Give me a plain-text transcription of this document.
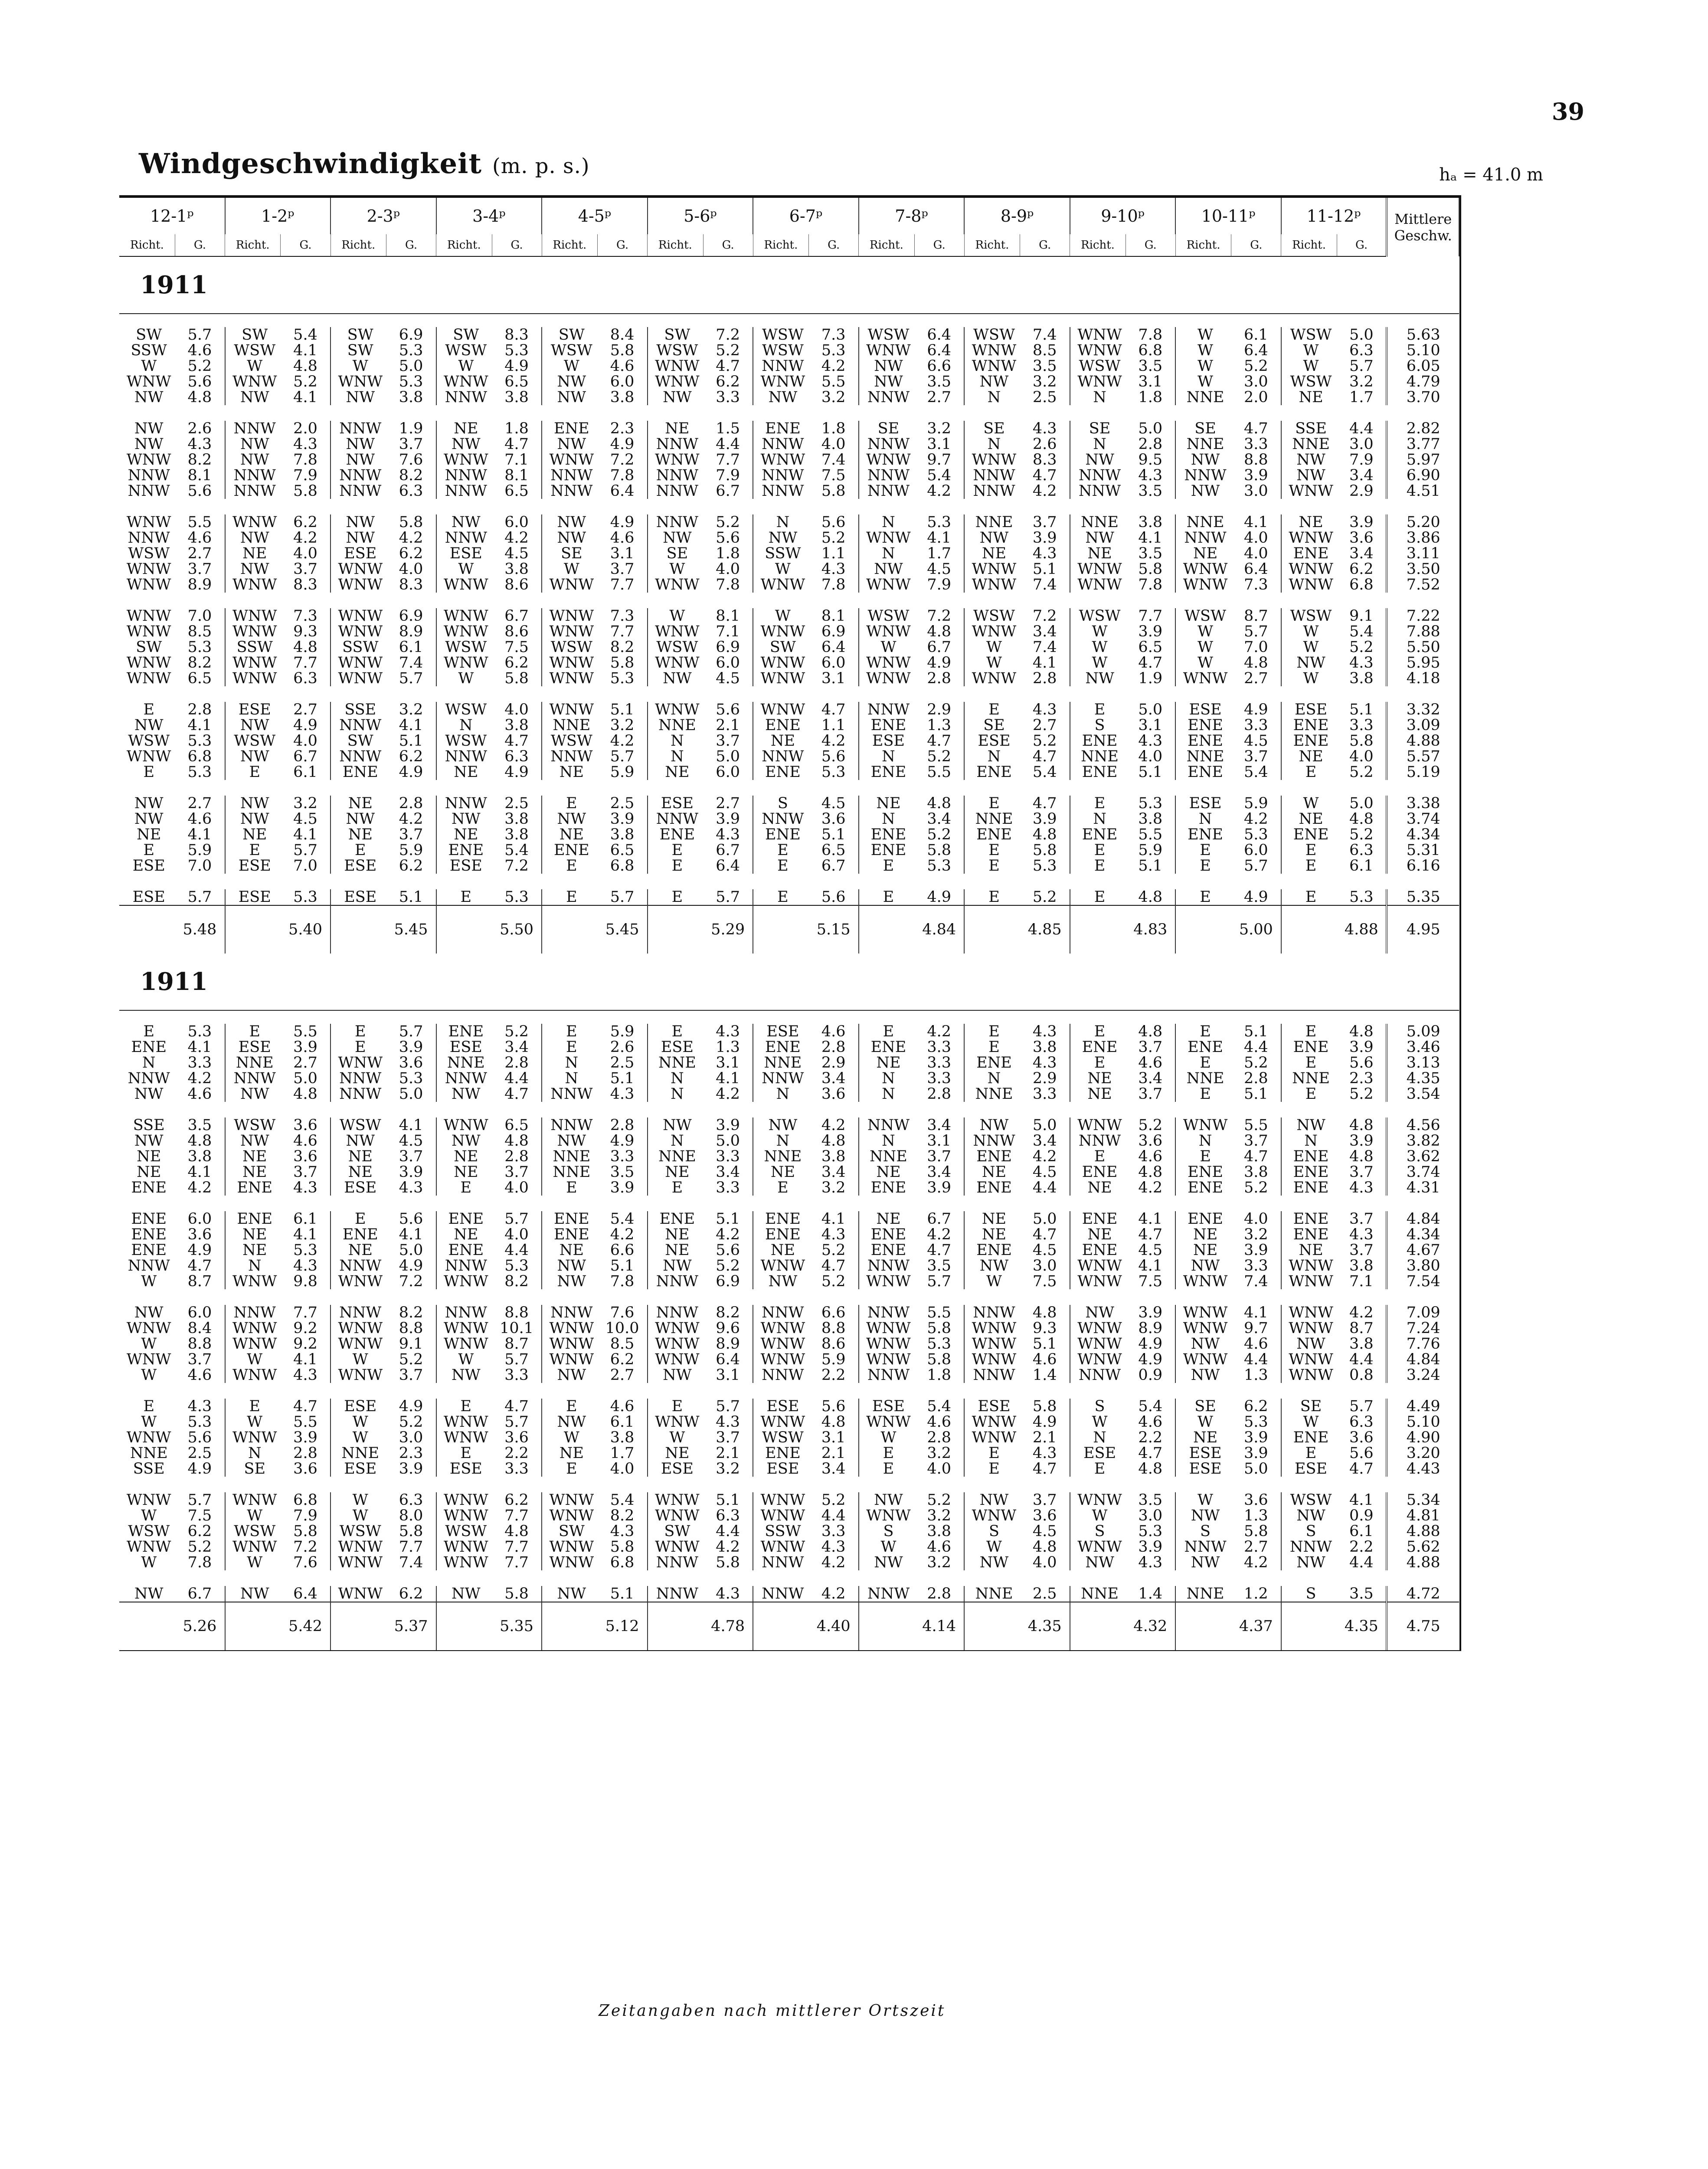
39
Windgeschwindigkeit (m. p. s.)	hₐ = 41.0 m
12-1ᵖ		1-2ᵖ		2-3ᵖ		3-4ᵖ		4-5ᵖ		5-6ᵖ		6-7ᵖ		7-8ᵖ		8-9ᵖ		9-10ᵖ		10-11ᵖ		11-12ᵖ		Mittlere Geschw.
Richt.	G.	Richt.	G.	Richt.	G.	Richt.	G.	Richt.	G.	Richt.	G.	Richt.	G.	Richt.	G.	Richt.	G.	Richt.	G.	Richt.	G.	Richt.	G.	
1911																								

SW	5.7	SW	5.4	SW	6.9	SW	8.3	SW	8.4	SW	7.2	WSW	7.3	WSW	6.4	WSW	7.4	WNW	7.8	W	6.1	WSW	5.0	5.63
SSW	4.6	WSW	4.1	SW	5.3	WSW	5.3	WSW	5.8	WSW	5.2	WSW	5.3	WNW	6.4	WNW	8.5	WNW	6.8	W	6.4	W	6.3	5.10
W	5.2	W	4.8	W	5.0	W	4.9	W	4.6	WNW	4.7	NNW	4.2	NW	6.6	WNW	3.5	WSW	3.5	W	5.2	W	5.7	6.05
WNW	5.6	WNW	5.2	WNW	5.3	WNW	6.5	NW	6.0	WNW	6.2	WNW	5.5	NW	3.5	NW	3.2	WNW	3.1	W	3.0	WSW	3.2	4.79
NW	4.8	NW	4.1	NW	3.8	NNW	3.8	NW	3.8	NW	3.3	NW	3.2	NNW	2.7	N	2.5	N	1.8	NNE	2.0	NE	1.7	3.70

NW	2.6	NNW	2.0	NNW	1.9	NE	1.8	ENE	2.3	NE	1.5	ENE	1.8	SE	3.2	SE	4.3	SE	5.0	SE	4.7	SSE	4.4	2.82
NW	4.3	NW	4.3	NW	3.7	NW	4.7	NW	4.9	NNW	4.4	NNW	4.0	NNW	3.1	N	2.6	N	2.8	NNE	3.3	NNE	3.0	3.77
WNW	8.2	NW	7.8	NW	7.6	WNW	7.1	WNW	7.2	WNW	7.7	WNW	7.4	WNW	9.7	WNW	8.3	NW	9.5	NW	8.8	NW	7.9	5.97
NNW	8.1	NNW	7.9	NNW	8.2	NNW	8.1	NNW	7.8	NNW	7.9	NNW	7.5	NNW	5.4	NNW	4.7	NNW	4.3	NNW	3.9	NW	3.4	6.90
NNW	5.6	NNW	5.8	NNW	6.3	NNW	6.5	NNW	6.4	NNW	6.7	NNW	5.8	NNW	4.2	NNW	4.2	NNW	3.5	NW	3.0	WNW	2.9	4.51

WNW	5.5	WNW	6.2	NW	5.8	NW	6.0	NW	4.9	NNW	5.2	N	5.6	N	5.3	NNE	3.7	NNE	3.8	NNE	4.1	NE	3.9	5.20
NNW	4.6	NW	4.2	NW	4.2	NNW	4.2	NW	4.6	NW	5.6	NW	5.2	WNW	4.1	NW	3.9	NW	4.1	NNW	4.0	WNW	3.6	3.86
WSW	2.7	NE	4.0	ESE	6.2	ESE	4.5	SE	3.1	SE	1.8	SSW	1.1	N	1.7	NE	4.3	NE	3.5	NE	4.0	ENE	3.4	3.11
WNW	3.7	NW	3.7	WNW	4.0	W	3.8	W	3.7	W	4.0	W	4.3	NW	4.5	WNW	5.1	WNW	5.8	WNW	6.4	WNW	6.2	3.50
WNW	8.9	WNW	8.3	WNW	8.3	WNW	8.6	WNW	7.7	WNW	7.8	WNW	7.8	WNW	7.9	WNW	7.4	WNW	7.8	WNW	7.3	WNW	6.8	7.52

WNW	7.0	WNW	7.3	WNW	6.9	WNW	6.7	WNW	7.3	W	8.1	W	8.1	WSW	7.2	WSW	7.2	WSW	7.7	WSW	8.7	WSW	9.1	7.22
WNW	8.5	WNW	9.3	WNW	8.9	WNW	8.6	WNW	7.7	WNW	7.1	WNW	6.9	WNW	4.8	WNW	3.4	W	3.9	W	5.7	W	5.4	7.88
SW	5.3	SSW	4.8	SSW	6.1	WSW	7.5	WSW	8.2	WSW	6.9	SW	6.4	W	6.7	W	7.4	W	6.5	W	7.0	W	5.2	5.50
WNW	8.2	WNW	7.7	WNW	7.4	WNW	6.2	WNW	5.8	WNW	6.0	WNW	6.0	WNW	4.9	W	4.1	W	4.7	W	4.8	NW	4.3	5.95
WNW	6.5	WNW	6.3	WNW	5.7	W	5.8	WNW	5.3	NW	4.5	WNW	3.1	WNW	2.8	WNW	2.8	NW	1.9	WNW	2.7	W	3.8	4.18

E	2.8	ESE	2.7	SSE	3.2	WSW	4.0	WNW	5.1	WNW	5.6	WNW	4.7	NNW	2.9	E	4.3	E	5.0	ESE	4.9	ESE	5.1	3.32
NW	4.1	NW	4.9	NNW	4.1	N	3.8	NNE	3.2	NNE	2.1	ENE	1.1	ENE	1.3	SE	2.7	S	3.1	ENE	3.3	ENE	3.3	3.09
WSW	5.3	WSW	4.0	SW	5.1	WSW	4.7	WSW	4.2	N	3.7	NE	4.2	ESE	4.7	ESE	5.2	ENE	4.3	ENE	4.5	ENE	5.8	4.88
WNW	6.8	NW	6.7	NNW	6.2	NNW	6.3	NNW	5.7	N	5.0	NNW	5.6	N	5.2	N	4.7	NNE	4.0	NNE	3.7	NE	4.0	5.57
E	5.3	E	6.1	ENE	4.9	NE	4.9	NE	5.9	NE	6.0	ENE	5.3	ENE	5.5	ENE	5.4	ENE	5.1	ENE	5.4	E	5.2	5.19

NW	2.7	NW	3.2	NE	2.8	NNW	2.5	E	2.5	ESE	2.7	S	4.5	NE	4.8	E	4.7	E	5.3	ESE	5.9	W	5.0	3.38
NW	4.6	NW	4.5	NW	4.2	NW	3.8	NW	3.9	NNW	3.9	NNW	3.6	N	3.4	NNE	3.9	N	3.8	N	4.2	NE	4.8	3.74
NE	4.1	NE	4.1	NE	3.7	NE	3.8	NE	3.8	ENE	4.3	ENE	5.1	ENE	5.2	ENE	4.8	ENE	5.5	ENE	5.3	ENE	5.2	4.34
E	5.9	E	5.7	E	5.9	ENE	5.4	ENE	6.5	E	6.7	E	6.5	ENE	5.8	E	5.8	E	5.9	E	6.0	E	6.3	5.31
ESE	7.0	ESE	7.0	ESE	6.2	ESE	7.2	E	6.8	E	6.4	E	6.7	E	5.3	E	5.3	E	5.1	E	5.7	E	6.1	6.16

ESE	5.7	ESE	5.3	ESE	5.1	E	5.3	E	5.7	E	5.7	E	5.6	E	4.9	E	5.2	E	4.8	E	4.9	E	5.3	5.35
	5.48		5.40		5.45		5.50		5.45		5.29		5.15		4.84		4.85		4.83		5.00		4.88	4.95
1911																								

E	5.3	E	5.5	E	5.7	ENE	5.2	E	5.9	E	4.3	ESE	4.6	E	4.2	E	4.3	E	4.8	E	5.1	E	4.8	5.09
ENE	4.1	ESE	3.9	E	3.9	ESE	3.4	E	2.6	ESE	1.3	ENE	2.8	ENE	3.3	E	3.8	ENE	3.7	ENE	4.4	ENE	3.9	3.46
N	3.3	NNE	2.7	WNW	3.6	NNE	2.8	N	2.5	NNE	3.1	NNE	2.9	NE	3.3	ENE	4.3	E	4.6	E	5.2	E	5.6	3.13
NNW	4.2	NNW	5.0	NNW	5.3	NNW	4.4	N	5.1	N	4.1	NNW	3.4	N	3.3	N	2.9	NE	3.4	NNE	2.8	NNE	2.3	4.35
NW	4.6	NW	4.8	NNW	5.0	NW	4.7	NNW	4.3	N	4.2	N	3.6	N	2.8	NNE	3.3	NE	3.7	E	5.1	E	5.2	3.54

SSE	3.5	WSW	3.6	WSW	4.1	WNW	6.5	NNW	2.8	NW	3.9	NW	4.2	NNW	3.4	NW	5.0	WNW	5.2	WNW	5.5	NW	4.8	4.56
NW	4.8	NW	4.6	NW	4.5	NW	4.8	NW	4.9	N	5.0	N	4.8	N	3.1	NNW	3.4	NNW	3.6	N	3.7	N	3.9	3.82
NE	3.8	NE	3.6	NE	3.7	NE	2.8	NNE	3.3	NNE	3.3	NNE	3.8	NNE	3.7	ENE	4.2	E	4.6	E	4.7	ENE	4.8	3.62
NE	4.1	NE	3.7	NE	3.9	NE	3.7	NNE	3.5	NE	3.4	NE	3.4	NE	3.4	NE	4.5	ENE	4.8	ENE	3.8	ENE	3.7	3.74
ENE	4.2	ENE	4.3	ESE	4.3	E	4.0	E	3.9	E	3.3	E	3.2	ENE	3.9	ENE	4.4	NE	4.2	ENE	5.2	ENE	4.3	4.31

ENE	6.0	ENE	6.1	E	5.6	ENE	5.7	ENE	5.4	ENE	5.1	ENE	4.1	NE	6.7	NE	5.0	ENE	4.1	ENE	4.0	ENE	3.7	4.84
ENE	3.6	NE	4.1	ENE	4.1	NE	4.0	ENE	4.2	NE	4.2	ENE	4.3	ENE	4.2	NE	4.7	NE	4.7	NE	3.2	ENE	4.3	4.34
ENE	4.9	NE	5.3	NE	5.0	ENE	4.4	NE	6.6	NE	5.6	NE	5.2	ENE	4.7	ENE	4.5	ENE	4.5	NE	3.9	NE	3.7	4.67
NNW	4.7	N	4.3	NNW	4.9	NNW	5.3	NW	5.1	NW	5.2	WNW	4.7	NNW	3.5	NW	3.0	WNW	4.1	NW	3.3	WNW	3.8	3.80
W	8.7	WNW	9.8	WNW	7.2	WNW	8.2	NW	7.8	NNW	6.9	NW	5.2	WNW	5.7	W	7.5	WNW	7.5	WNW	7.4	WNW	7.1	7.54

NW	6.0	NNW	7.7	NNW	8.2	NNW	8.8	NNW	7.6	NNW	8.2	NNW	6.6	NNW	5.5	NNW	4.8	NW	3.9	WNW	4.1	WNW	4.2	7.09
WNW	8.4	WNW	9.2	WNW	8.8	WNW	10.1	WNW	10.0	WNW	9.6	WNW	8.8	WNW	5.8	WNW	9.3	WNW	8.9	WNW	9.7	WNW	8.7	7.24
W	8.8	WNW	9.2	WNW	9.1	WNW	8.7	WNW	8.5	WNW	8.9	WNW	8.6	WNW	5.3	WNW	5.1	WNW	4.9	NW	4.6	NW	3.8	7.76
WNW	3.7	W	4.1	W	5.2	W	5.7	WNW	6.2	WNW	6.4	WNW	5.9	WNW	5.8	WNW	4.6	WNW	4.9	WNW	4.4	WNW	4.4	4.84
W	4.6	WNW	4.3	WNW	3.7	NW	3.3	NW	2.7	NW	3.1	NNW	2.2	NNW	1.8	NNW	1.4	NNW	0.9	NW	1.3	WNW	0.8	3.24

E	4.3	E	4.7	ESE	4.9	E	4.7	E	4.6	E	5.7	ESE	5.6	ESE	5.4	ESE	5.8	S	5.4	SE	6.2	SE	5.7	4.49
W	5.3	W	5.5	W	5.2	WNW	5.7	NW	6.1	WNW	4.3	WNW	4.8	WNW	4.6	WNW	4.9	W	4.6	W	5.3	W	6.3	5.10
WNW	5.6	WNW	3.9	W	3.0	WNW	3.6	W	3.8	W	3.7	WSW	3.1	W	2.8	WNW	2.1	N	2.2	NE	3.9	ENE	3.6	4.90
NNE	2.5	N	2.8	NNE	2.3	E	2.2	NE	1.7	NE	2.1	ENE	2.1	E	3.2	E	4.3	ESE	4.7	ESE	3.9	E	5.6	3.20
SSE	4.9	SE	3.6	ESE	3.9	ESE	3.3	E	4.0	ESE	3.2	ESE	3.4	E	4.0	E	4.7	E	4.8	ESE	5.0	ESE	4.7	4.43

WNW	5.7	WNW	6.8	W	6.3	WNW	6.2	WNW	5.4	WNW	5.1	WNW	5.2	NW	5.2	NW	3.7	WNW	3.5	W	3.6	WSW	4.1	5.34
W	7.5	W	7.9	W	8.0	WNW	7.7	WNW	8.2	WNW	6.3	WNW	4.4	WNW	3.2	WNW	3.6	W	3.0	NW	1.3	NW	0.9	4.81
WSW	6.2	WSW	5.8	WSW	5.8	WSW	4.8	SW	4.3	SW	4.4	SSW	3.3	S	3.8	S	4.5	S	5.3	S	5.8	S	6.1	4.88
WNW	5.2	WNW	7.2	WNW	7.7	WNW	7.7	WNW	5.8	WNW	4.2	WNW	4.3	W	4.6	W	4.8	WNW	3.9	NNW	2.7	NNW	2.2	5.62
W	7.8	W	7.6	WNW	7.4	WNW	7.7	WNW	6.8	NNW	5.8	NNW	4.2	NW	3.2	NW	4.0	NW	4.3	NW	4.2	NW	4.4	4.88

NW	6.7	NW	6.4	WNW	6.2	NW	5.8	NW	5.1	NNW	4.3	NNW	4.2	NNW	2.8	NNE	2.5	NNE	1.4	NNE	1.2	S	3.5	4.72
	5.26		5.42		5.37		5.35		5.12		4.78		4.40		4.14		4.35		4.32		4.37		4.35	4.75
Zeitangaben nach mittlerer Ortszeit
